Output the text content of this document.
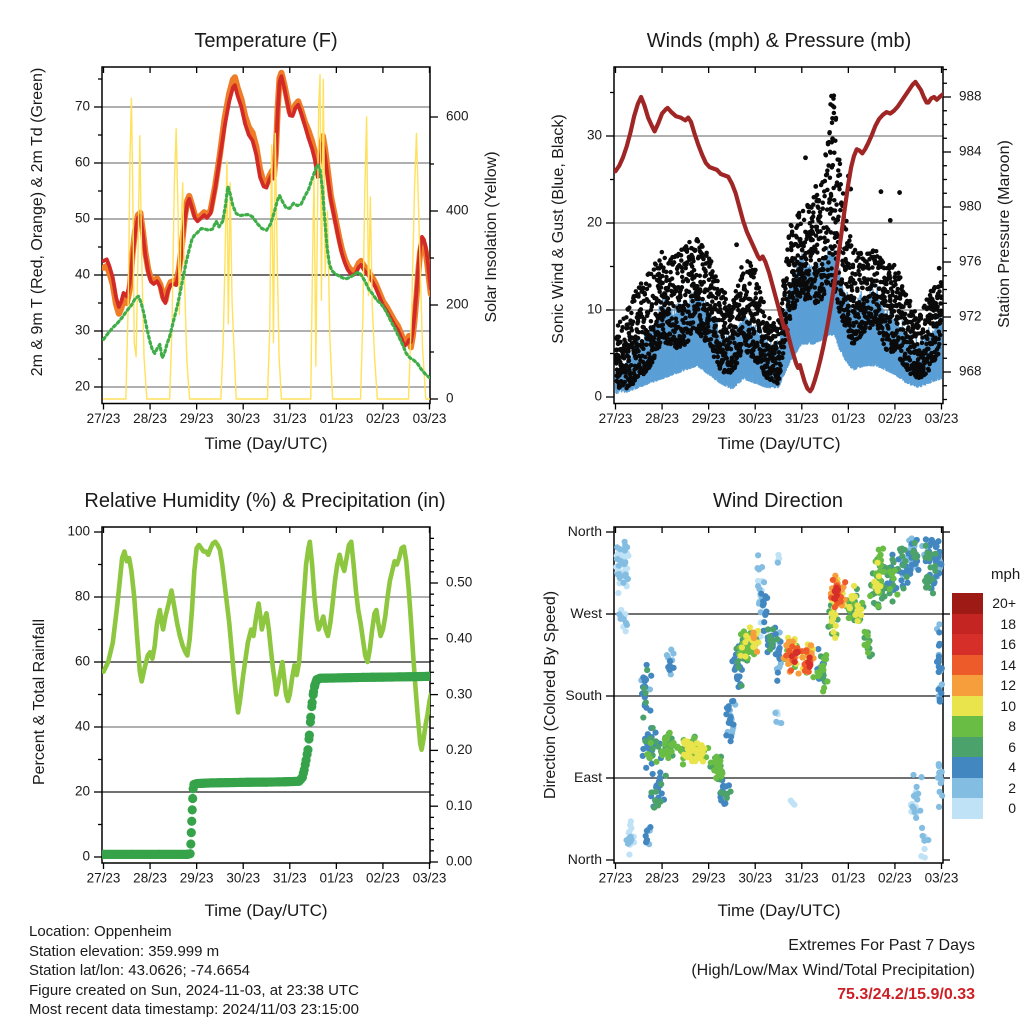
Temperature (F)	Winds (mph) & Pressure (mb)
Relative Humidity (%) & Precipitation (in)	Wind Direction
2m & 9m T (Red, Orange) & 2m Td (Green)	Solar Insolation (Yellow)	Sonic Wind & Gust (Blue, Black)	Station Pressure (Maroon)
Percent & Total Rainfall	Direction (Colored By Speed)
Time (Day/UTC)	Time (Day/UTC)
Time (Day/UTC)	Time (Day/UTC)
mph
20+
18
16
14
12
10
8
6
4
2
0
Location: Oppenheim
Station elevation: 359.999 m
Station lat/lon: 43.0626; -74.6654
Figure created on Sun, 2024-11-03, at 23:38 UTC
Most recent data timestamp: 2024/11/03 23:15:00
Extremes For Past 7 Days
(High/Low/Max Wind/Total Precipitation)
75.3/24.2/15.9/0.33
